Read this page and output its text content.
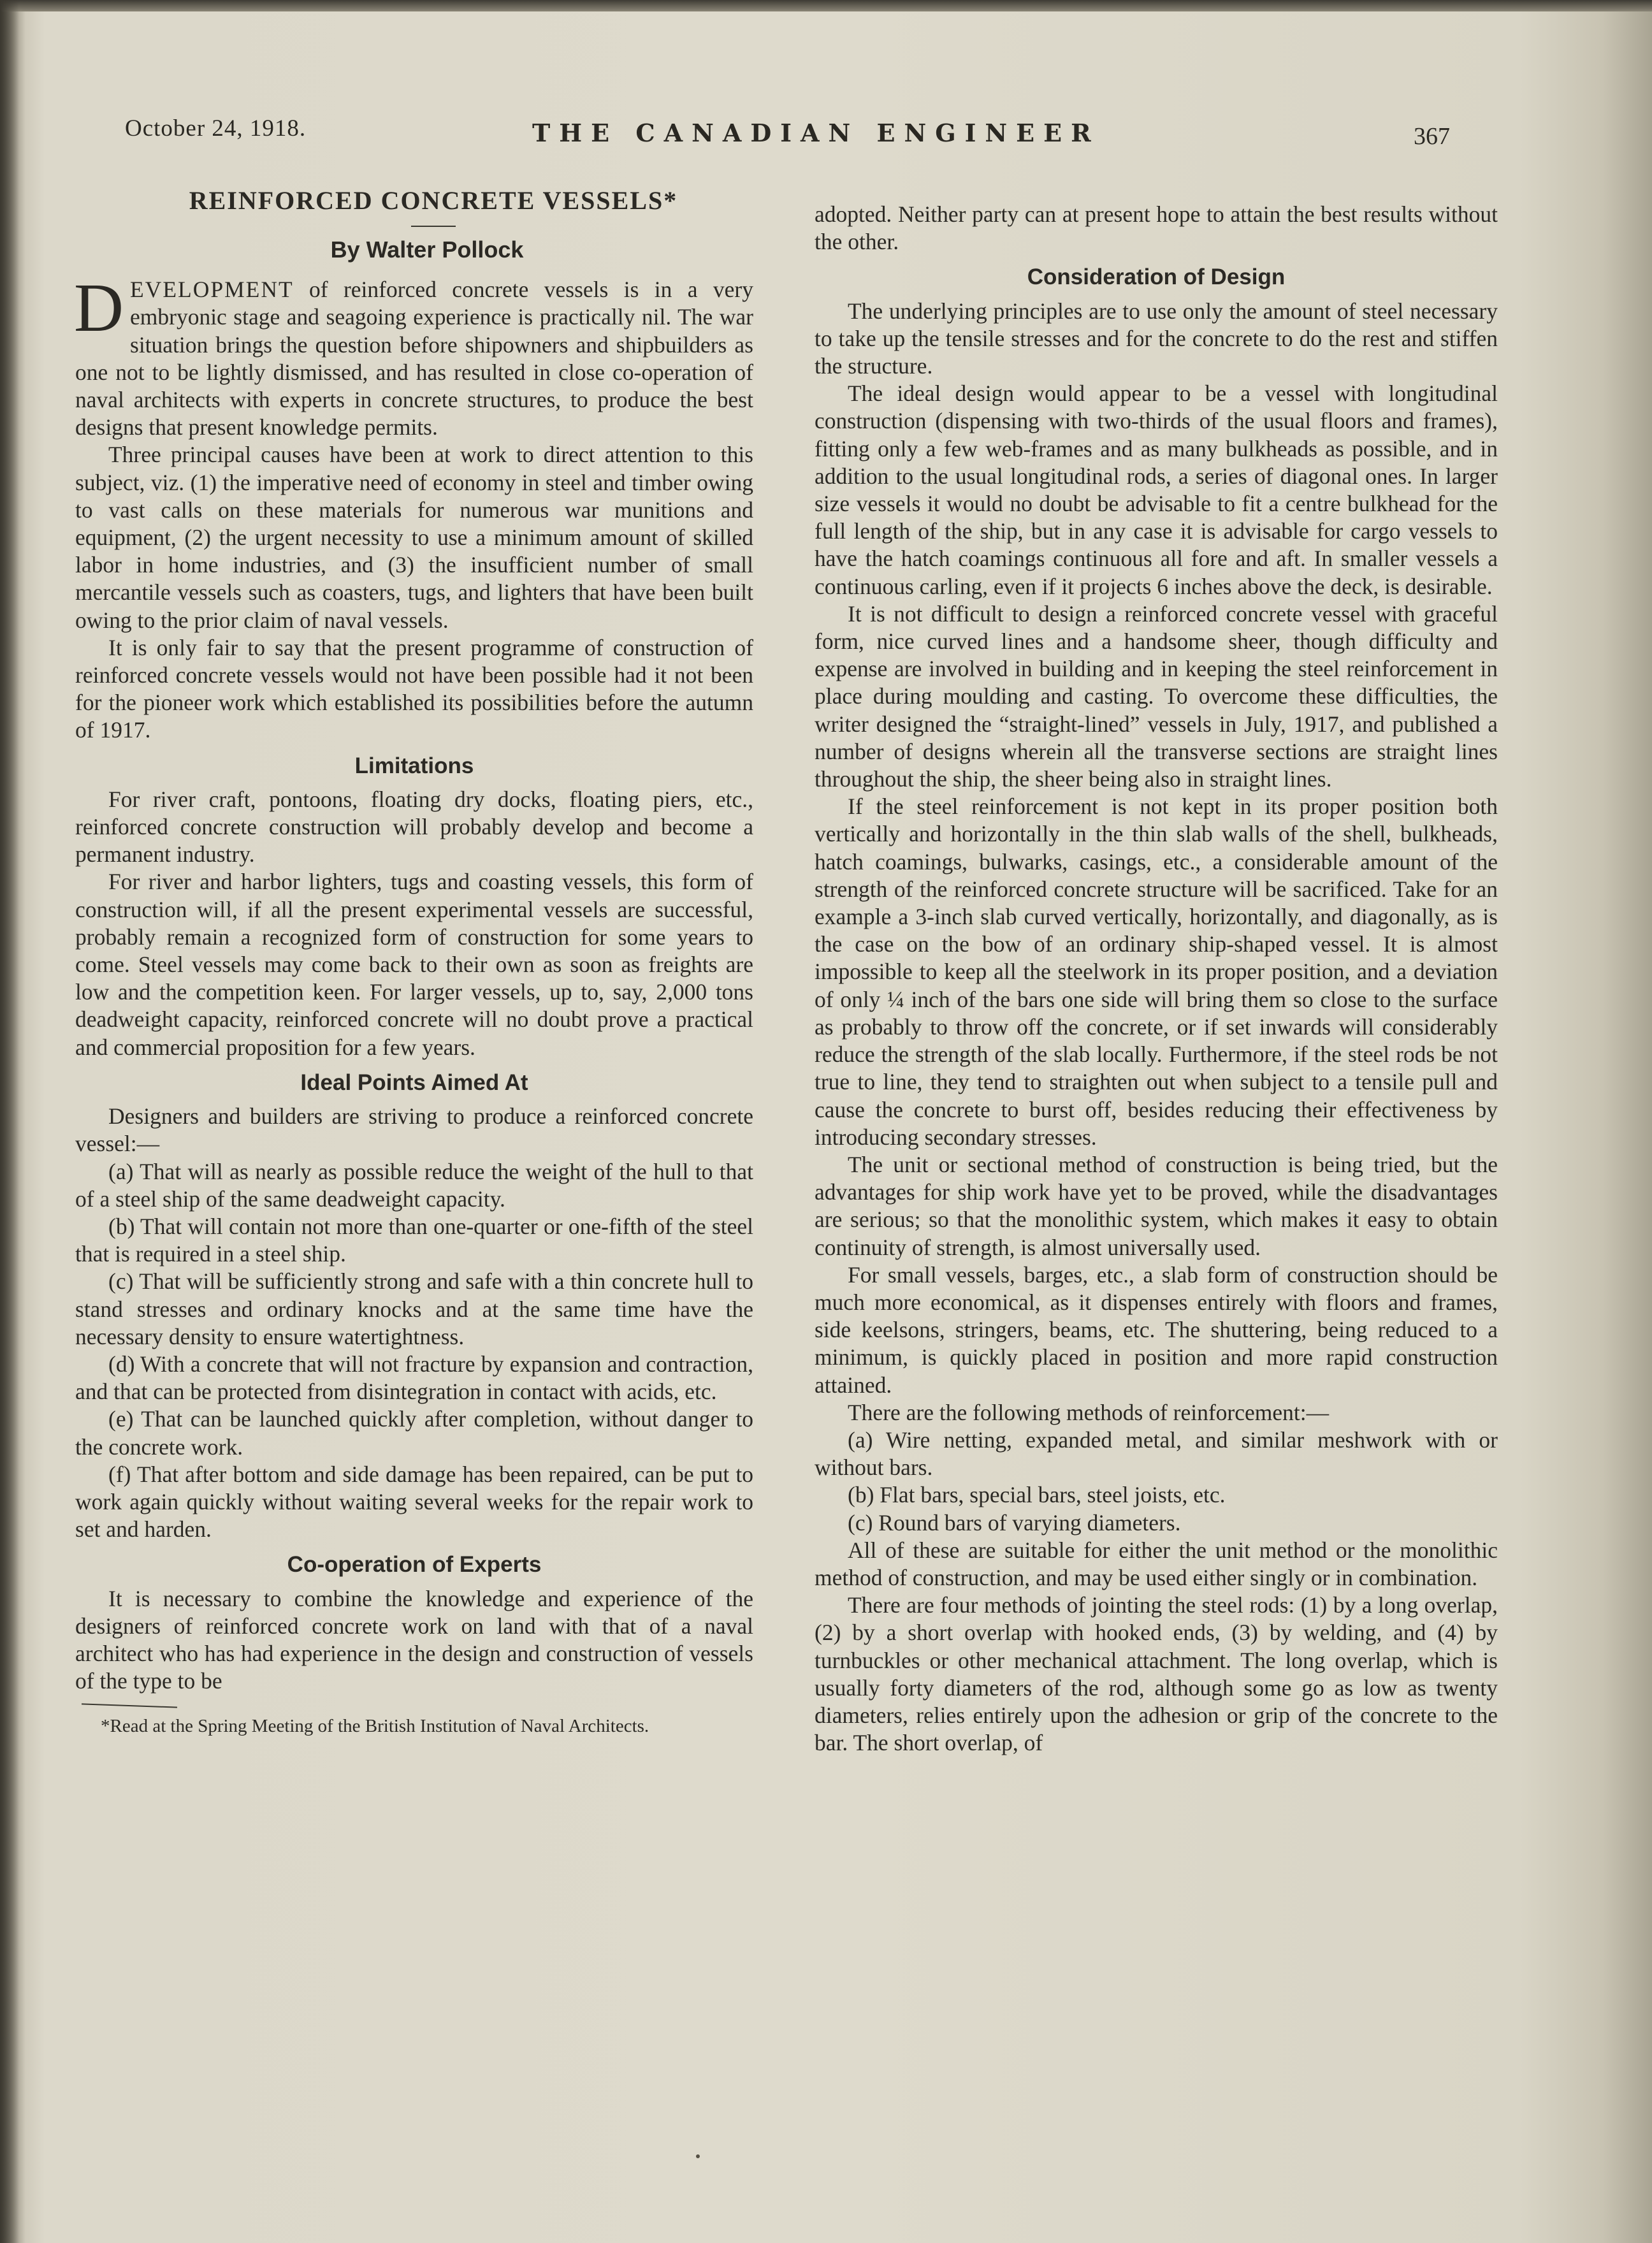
October 24, 1918.	THE CANADIAN ENGINEER	367
REINFORCED CONCRETE VESSELS*
By Walter Pollock
D EVELOPMENT of reinforced concrete vessels is in a very embryonic stage and seagoing experience is practically nil. The war situation brings the question before shipowners and shipbuilders as one not to be lightly dismissed, and has resulted in close co-operation of naval architects with experts in concrete structures, to produce the best designs that present knowledge permits.

Three principal causes have been at work to direct attention to this subject, viz. (1) the imperative need of economy in steel and timber owing to vast calls on these materials for numerous war munitions and equipment, (2) the urgent necessity to use a minimum amount of skilled labor in home industries, and (3) the insufficient number of small mercantile vessels such as coasters, tugs, and lighters that have been built owing to the prior claim of naval vessels.

It is only fair to say that the present programme of construction of reinforced concrete vessels would not have been possible had it not been for the pioneer work which established its possibilities before the autumn of 1917.

Limitations

For river craft, pontoons, floating dry docks, floating piers, etc., reinforced concrete construction will probably develop and become a permanent industry.

For river and harbor lighters, tugs and coasting vessels, this form of construction will, if all the present experimental vessels are successful, probably remain a recognized form of construction for some years to come. Steel vessels may come back to their own as soon as freights are low and the competition keen. For larger vessels, up to, say, 2,000 tons deadweight capacity, reinforced concrete will no doubt prove a practical and commercial proposition for a few years.

Ideal Points Aimed At

Designers and builders are striving to produce a reinforced concrete vessel:—

(a) That will as nearly as possible reduce the weight of the hull to that of a steel ship of the same deadweight capacity.

(b) That will contain not more than one-quarter or one-fifth of the steel that is required in a steel ship.

(c) That will be sufficiently strong and safe with a thin concrete hull to stand stresses and ordinary knocks and at the same time have the necessary density to ensure watertightness.

(d) With a concrete that will not fracture by expansion and contraction, and that can be protected from disintegration in contact with acids, etc.

(e) That can be launched quickly after completion, without danger to the concrete work.

(f) That after bottom and side damage has been repaired, can be put to work again quickly without waiting several weeks for the repair work to set and harden.

Co-operation of Experts

It is necessary to combine the knowledge and experience of the designers of reinforced concrete work on land with that of a naval architect who has had experience in the design and construction of vessels of the type to be

*Read at the Spring Meeting of the British Institution of Naval Architects.

adopted. Neither party can at present hope to attain the best results without the other.

Consideration of Design

The underlying principles are to use only the amount of steel necessary to take up the tensile stresses and for the concrete to do the rest and stiffen the structure.

The ideal design would appear to be a vessel with longitudinal construction (dispensing with two-thirds of the usual floors and frames), fitting only a few web-frames and as many bulkheads as possible, and in addition to the usual longitudinal rods, a series of diagonal ones. In larger size vessels it would no doubt be advisable to fit a centre bulkhead for the full length of the ship, but in any case it is advisable for cargo vessels to have the hatch coamings continuous all fore and aft. In smaller vessels a continuous carling, even if it projects 6 inches above the deck, is desirable.

It is not difficult to design a reinforced concrete vessel with graceful form, nice curved lines and a handsome sheer, though difficulty and expense are involved in building and in keeping the steel reinforcement in place during moulding and casting. To overcome these difficulties, the writer designed the “straight-lined” vessels in July, 1917, and published a number of designs wherein all the transverse sections are straight lines throughout the ship, the sheer being also in straight lines.

If the steel reinforcement is not kept in its proper position both vertically and horizontally in the thin slab walls of the shell, bulkheads, hatch coamings, bulwarks, casings, etc., a considerable amount of the strength of the reinforced concrete structure will be sacrificed. Take for an example a 3-inch slab curved vertically, horizontally, and diagonally, as is the case on the bow of an ordinary ship-shaped vessel. It is almost impossible to keep all the steelwork in its proper position, and a deviation of only ¼ inch of the bars one side will bring them so close to the surface as probably to throw off the concrete, or if set inwards will considerably reduce the strength of the slab locally. Furthermore, if the steel rods be not true to line, they tend to straighten out when subject to a tensile pull and cause the concrete to burst off, besides reducing their effectiveness by introducing secondary stresses.

The unit or sectional method of construction is being tried, but the advantages for ship work have yet to be proved, while the disadvantages are serious; so that the monolithic system, which makes it easy to obtain continuity of strength, is almost universally used.

For small vessels, barges, etc., a slab form of construction should be much more economical, as it dispenses entirely with floors and frames, side keelsons, stringers, beams, etc. The shuttering, being reduced to a minimum, is quickly placed in position and more rapid construction attained.

There are the following methods of reinforcement:—

(a) Wire netting, expanded metal, and similar meshwork with or without bars.

(b) Flat bars, special bars, steel joists, etc.

(c) Round bars of varying diameters.

All of these are suitable for either the unit method or the monolithic method of construction, and may be used either singly or in combination.

There are four methods of jointing the steel rods: (1) by a long overlap, (2) by a short overlap with hooked ends, (3) by welding, and (4) by turnbuckles or other mechanical attachment. The long overlap, which is usually forty diameters of the rod, although some go as low as twenty diameters, relies entirely upon the adhesion or grip of the concrete to the bar. The short overlap, of
